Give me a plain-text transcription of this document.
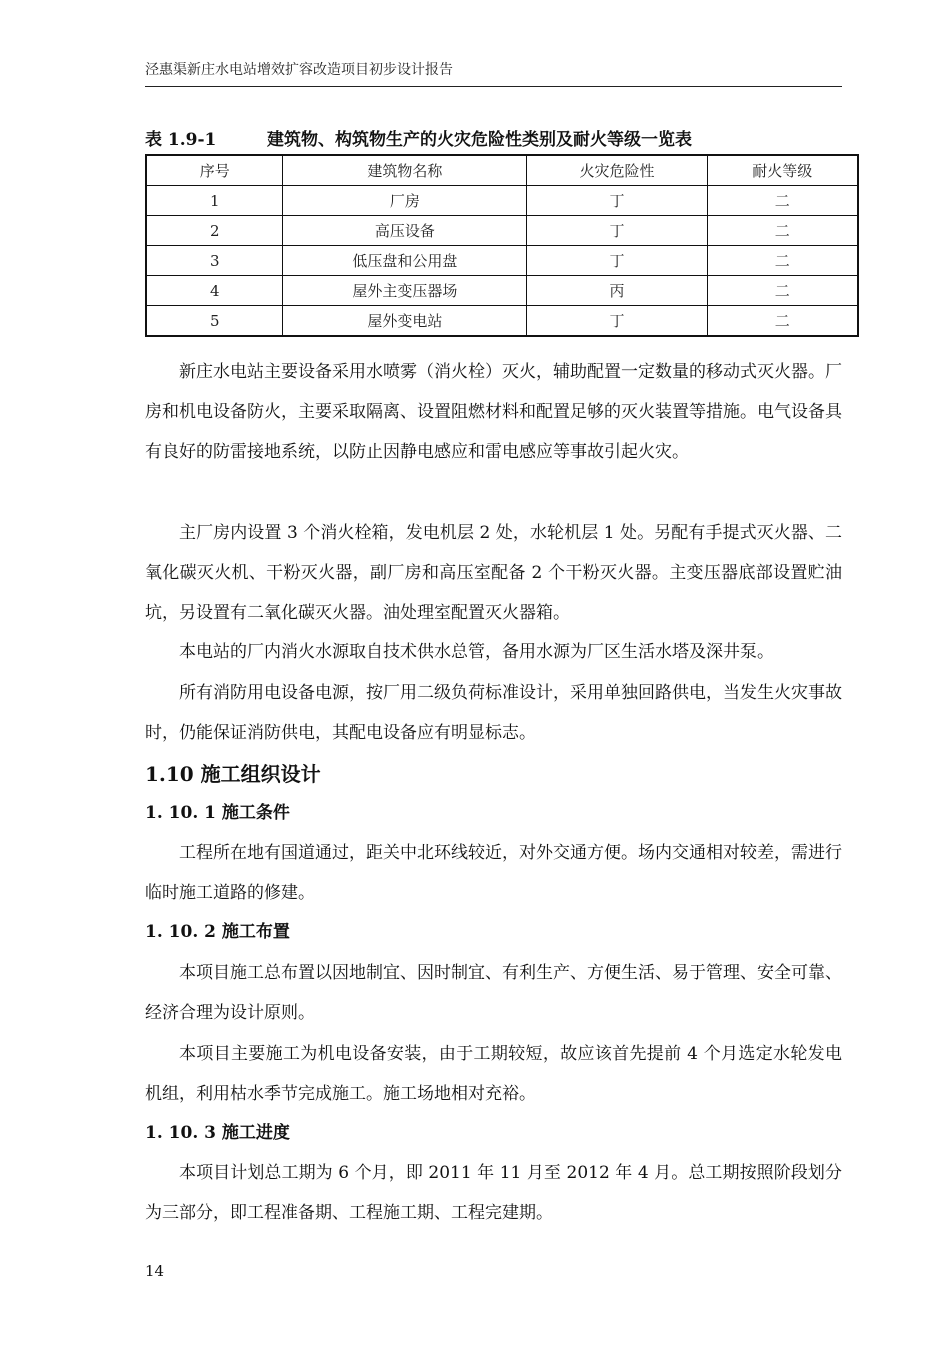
泾惠渠新庄水电站增效扩容改造项目初步设计报告
表 1.9-1	建筑物、构筑物生产的火灾危险性类别及耐火等级一览表
序号	建筑物名称	火灾危险性	耐火等级
1	厂房	丁	二
2	高压设备	丁	二
3	低压盘和公用盘	丁	二
4	屋外主变压器场	丙	二
5	屋外变电站	丁	二

新庄水电站主要设备采用水喷雾（消火栓）灭火，辅助配置一定数量的移动式灭火器。厂房和机电设备防火，主要采取隔离、设置阻燃材料和配置足够的灭火装置等措施。电气设备具有良好的防雷接地系统，以防止因静电感应和雷电感应等事故引起火灾。

主厂房内设置 3 个消火栓箱，发电机层 2 处，水轮机层 1 处。另配有手提式灭火器、二氧化碳灭火机、干粉灭火器，副厂房和高压室配备 2 个干粉灭火器。主变压器底部设置贮油坑，另设置有二氧化碳灭火器。油处理室配置灭火器箱。

本电站的厂内消火水源取自技术供水总管，备用水源为厂区生活水塔及深井泵。

所有消防用电设备电源，按厂用二级负荷标准设计，采用单独回路供电，当发生火灾事故时，仍能保证消防供电，其配电设备应有明显标志。

1.10 施工组织设计
1. 10. 1 施工条件

工程所在地有国道通过，距关中北环线较近，对外交通方便。场内交通相对较差，需进行临时施工道路的修建。

1. 10. 2 施工布置

本项目施工总布置以因地制宜、因时制宜、有利生产、方便生活、易于管理、安全可靠、经济合理为设计原则。

本项目主要施工为机电设备安装，由于工期较短，故应该首先提前 4 个月选定水轮发电机组，利用枯水季节完成施工。施工场地相对充裕。

1. 10. 3 施工进度

本项目计划总工期为 6 个月，即 2011 年 11 月至 2012 年 4 月。总工期按照阶段划分为三部分，即工程准备期、工程施工期、工程完建期。

14
